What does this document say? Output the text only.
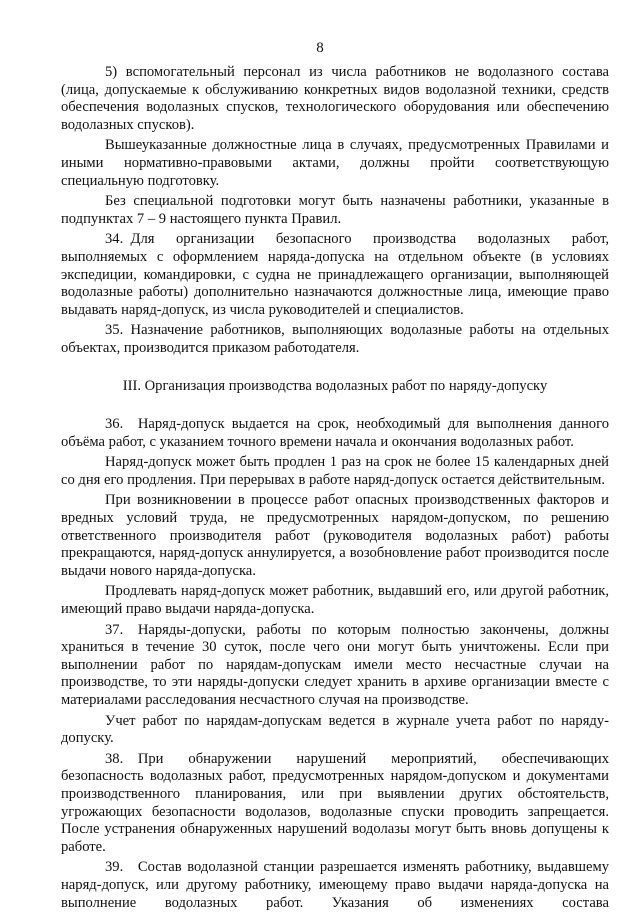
8

5) вспомогательный персонал из числа работников не водолазного состава (лица, допускаемые к обслуживанию конкретных видов водолазной техники, средств обеспечения водолазных спусков, технологического оборудования или обеспечению водолазных спусков).

Вышеуказанные должностные лица в случаях, предусмотренных Правилами и иными нормативно-правовыми актами, должны пройти соответствующую специальную подготовку.

Без специальной подготовки могут быть назначены работники, указанные в подпунктах 7 – 9 настоящего пункта Правил.

34. Для организации безопасного производства водолазных работ, выполняемых с оформлением наряда-допуска на отдельном объекте (в условиях экспедиции, командировки, с судна не принадлежащего организации, выполняющей водолазные работы) дополнительно назначаются должностные лица, имеющие право выдавать наряд-допуск, из числа руководителей и специалистов.

35. Назначение работников, выполняющих водолазные работы на отдельных объектах, производится приказом работодателя.

III. Организация производства водолазных работ по наряду-допуску

36. Наряд-допуск выдается на срок, необходимый для выполнения данного объёма работ, с указанием точного времени начала и окончания водолазных работ.

Наряд-допуск может быть продлен 1 раз на срок не более 15 календарных дней со дня его продления. При перерывах в работе наряд-допуск остается действительным.

При возникновении в процессе работ опасных производственных факторов и вредных условий труда, не предусмотренных нарядом-допуском, по решению ответственного производителя работ (руководителя водолазных работ) работы прекращаются, наряд-допуск аннулируется, а возобновление работ производится после выдачи нового наряда-допуска.

Продлевать наряд-допуск может работник, выдавший его, или другой работник, имеющий право выдачи наряда-допуска.

37. Наряды-допуски, работы по которым полностью закончены, должны храниться в течение 30 суток, после чего они могут быть уничтожены. Если при выполнении работ по нарядам-допускам имели место несчастные случаи на производстве, то эти наряды-допуски следует хранить в архиве организации вместе с материалами расследования несчастного случая на производстве.

Учет работ по нарядам-допускам ведется в журнале учета работ по наряду-допуску.

38. При обнаружении нарушений мероприятий, обеспечивающих безопасность водолазных работ, предусмотренных нарядом-допуском и документами производственного планирования, или при выявлении других обстоятельств, угрожающих безопасности водолазов, водолазные спуски проводить запрещается. После устранения обнаруженных нарушений водолазы могут быть вновь допущены к работе.

39. Состав водолазной станции разрешается изменять работнику, выдавшему наряд-допуск, или другому работнику, имеющему право выдачи наряда-допуска на выполнение водолазных работ. Указания об изменениях состава
